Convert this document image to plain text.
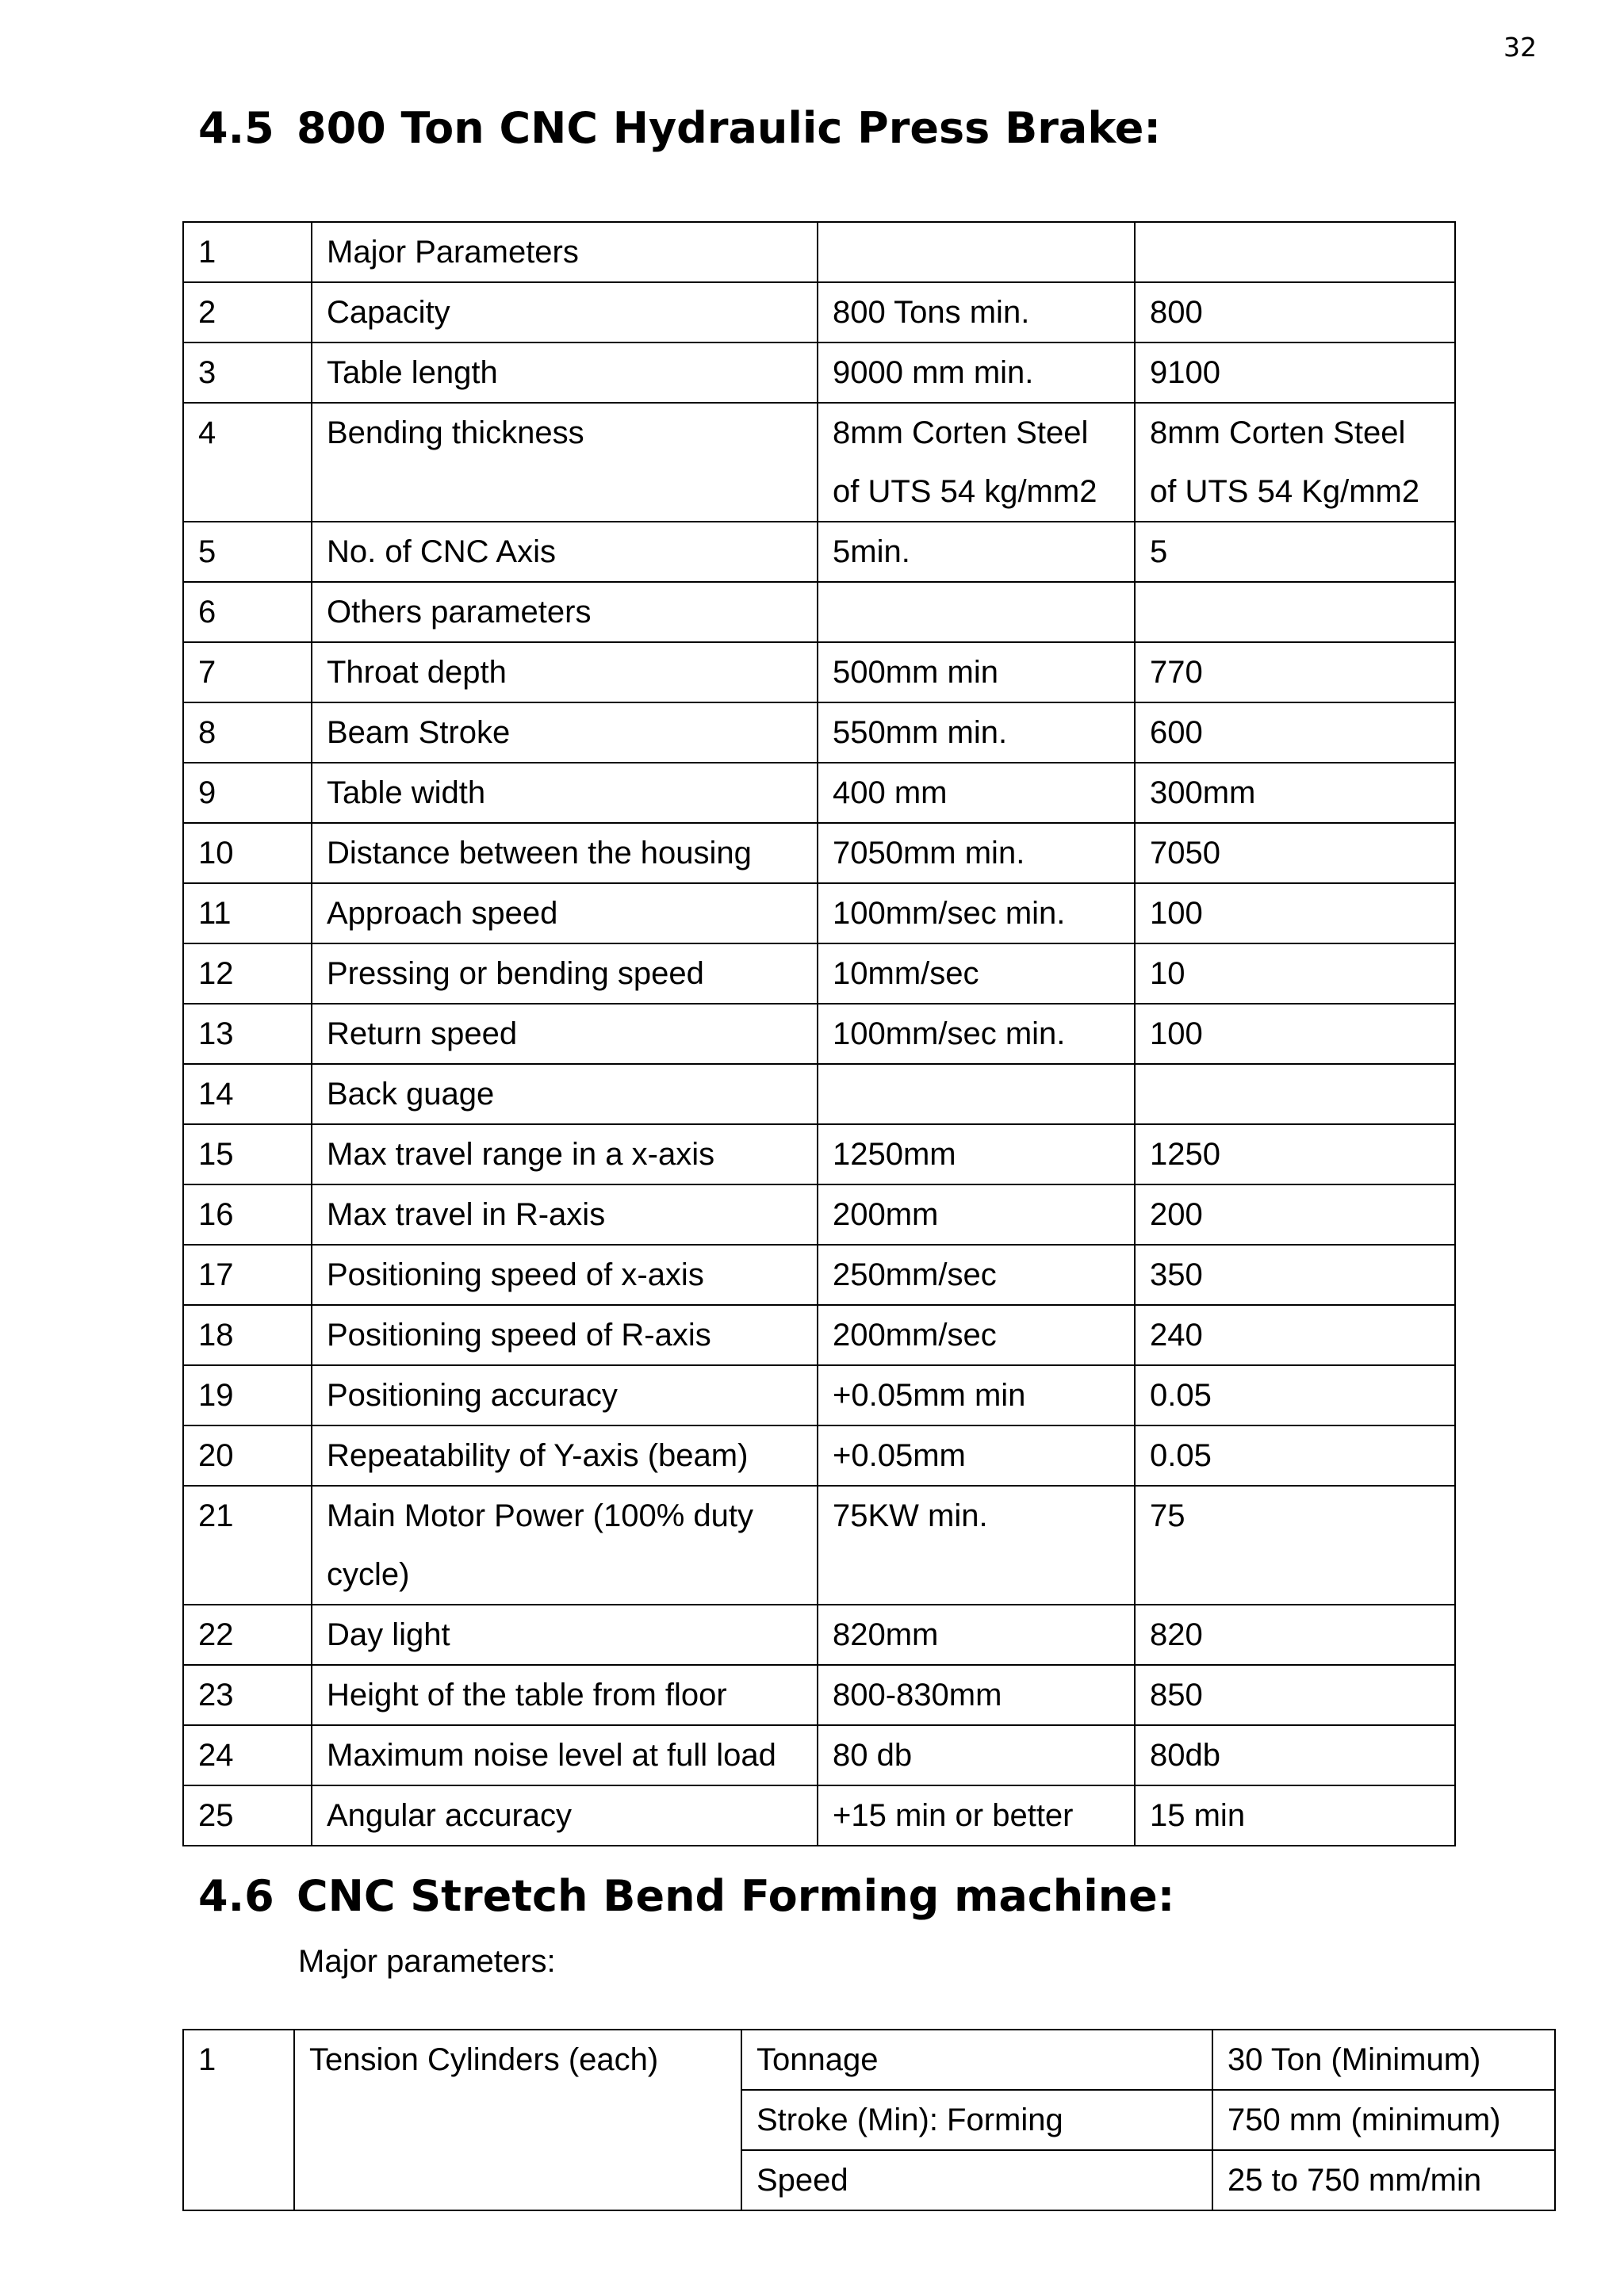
32
4.5 800 Ton CNC Hydraulic Press Brake:
1	Major Parameters		
2	Capacity	800 Tons min.	800
3	Table length	9000 mm min.	9100
4	Bending thickness	8mm Corten Steel of UTS 54 kg/mm2	8mm Corten Steel of UTS 54 Kg/mm2
5	No. of CNC Axis	5min.	5
6	Others parameters		
7	Throat depth	500mm min	770
8	Beam Stroke	550mm min.	600
9	Table width	400 mm	300mm
10	Distance between the housing	7050mm min.	7050
11	Approach speed	100mm/sec min.	100
12	Pressing or bending speed	10mm/sec	10
13	Return speed	100mm/sec min.	100
14	Back guage		
15	Max travel range in a x-axis	1250mm	1250
16	Max travel in R-axis	200mm	200
17	Positioning speed of x-axis	250mm/sec	350
18	Positioning speed of R-axis	200mm/sec	240
19	Positioning accuracy	+0.05mm min	0.05
20	Repeatability of Y-axis (beam)	+0.05mm	0.05
21	Main Motor Power (100% duty cycle)	75KW min.	75
22	Day light	820mm	820
23	Height of the table from floor	800-830mm	850
24	Maximum noise level at full load	80 db	80db
25	Angular accuracy	+15 min or better	15 min
4.6 CNC Stretch Bend Forming machine:
Major parameters:
1	Tension Cylinders (each)	Tonnage	30 Ton (Minimum)
		Stroke (Min): Forming	750 mm (minimum)
		Speed	25 to 750 mm/min
